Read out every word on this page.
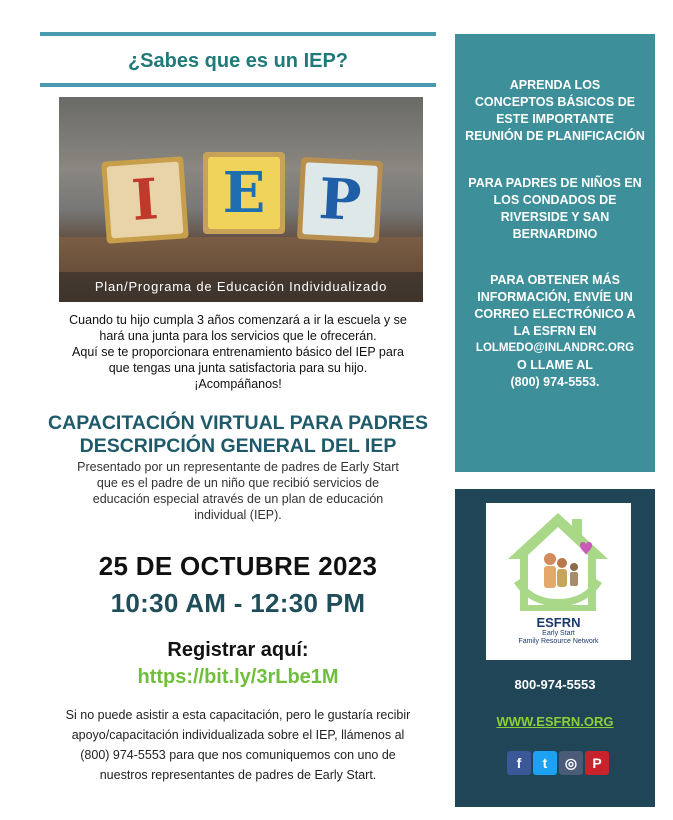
¿Sabes que es un IEP?
I	E P
Plan/Programa de Educación Individualizado
Cuando tu hijo cumpla 3 años comenzará a ir la escuela y se
hará una junta para los servicios que le ofrecerán.
Aquí se te proporcionara entrenamiento básico del IEP para
que tengas una junta satisfactoria para su hijo.
¡Acompáñanos!
CAPACITACIÓN VIRTUAL PARA PADRES
DESCRIPCIÓN GENERAL DEL IEP
Presentado por un representante de padres de Early Start
que es el padre de un niño que recibió servicios de
educación especial através de un plan de educación
individual (IEP).
25 DE OCTUBRE 2023
10:30 AM - 12:30 PM
Registrar aquí:
https://bit.ly/3rLbe1M
Si no puede asistir a esta capacitación, pero le gustaría recibir
apoyo/capacitación individualizada sobre el IEP, llámenos al
(800) 974-5553 para que nos comuniquemos con uno de
nuestros representantes de padres de Early Start.
APRENDA LOS
CONCEPTOS BÁSICOS DE
ESTE IMPORTANTE
REUNIÓN DE PLANIFICACIÓN
PARA PADRES DE NIÑOS EN
LOS CONDADOS DE
RIVERSIDE Y SAN
BERNARDINO
PARA OBTENER MÁS
INFORMACIÓN, ENVÍE UN
CORREO ELECTRÓNICO A
LA ESFRN EN
LOLMEDO@INLANDRC.ORG
O LLAME AL
(800) 974-5553.
ESFRN
Early Start
Family Resource Network
800-974-5553
WWW.ESFRN.ORG
f	t	◎	P
